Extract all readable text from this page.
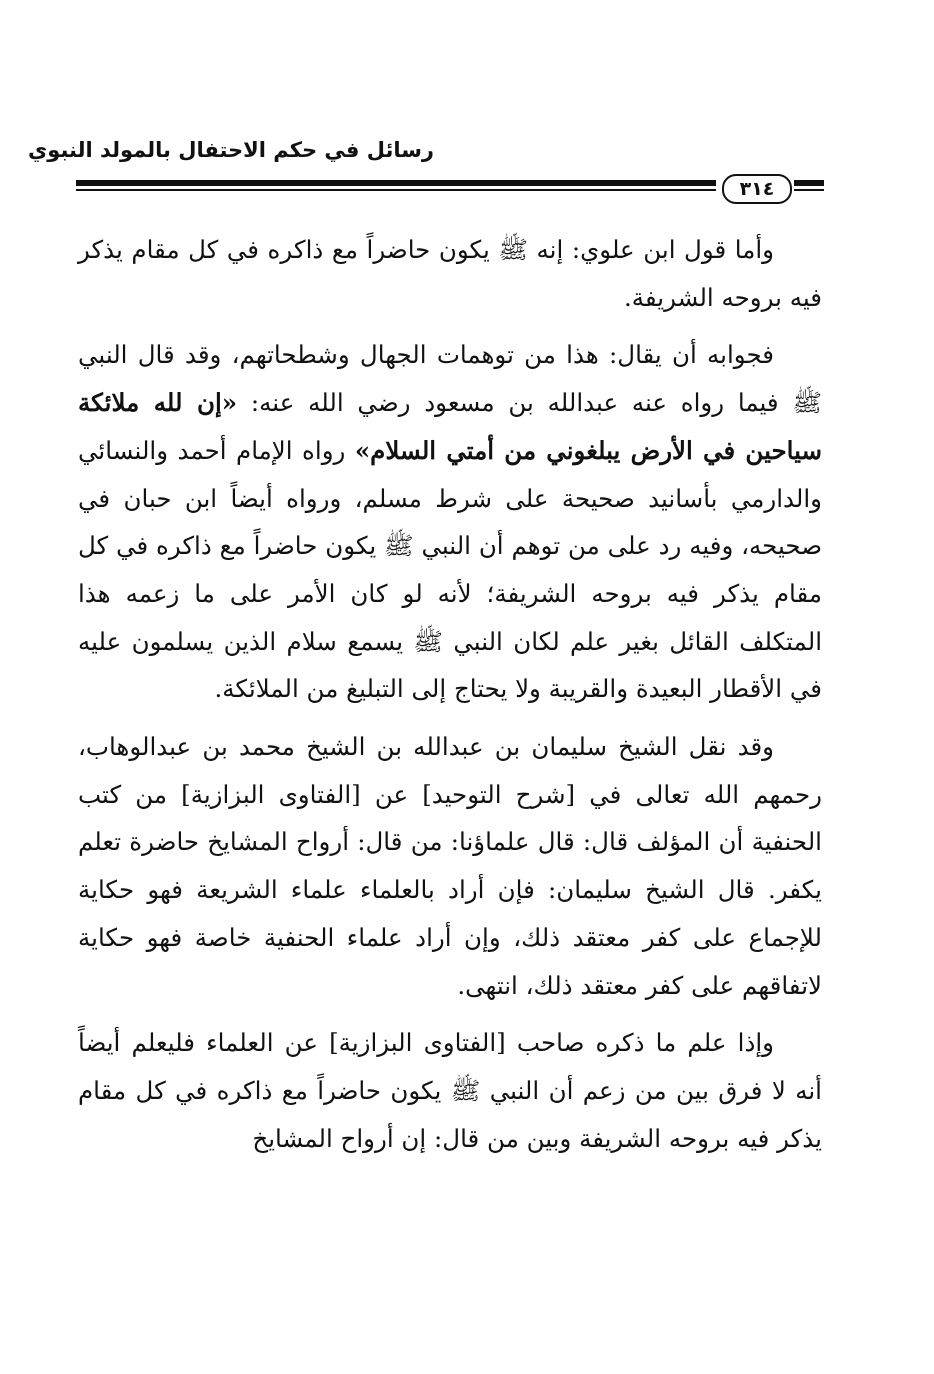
رسائل في حكم الاحتفال بالمولد النبوي
٣١٤

وأما قول ابن علوي: إنه ﷺ يكون حاضراً مع ذاكره في كل مقام يذكر فيه بروحه الشريفة.

فجوابه أن يقال: هذا من توهمات الجهال وشطحاتهم، وقد قال النبي ﷺ فيما رواه عنه عبدالله بن مسعود رضي الله عنه: «إن لله ملائكة سياحين في الأرض يبلغوني من أمتي السلام» رواه الإمام أحمد والنسائي والدارمي بأسانيد صحيحة على شرط مسلم، ورواه أيضاً ابن حبان في صحيحه، وفيه رد على من توهم أن النبي ﷺ يكون حاضراً مع ذاكره في كل مقام يذكر فيه بروحه الشريفة؛ لأنه لو كان الأمر على ما زعمه هذا المتكلف القائل بغير علم لكان النبي ﷺ يسمع سلام الذين يسلمون عليه في الأقطار البعيدة والقريبة ولا يحتاج إلى التبليغ من الملائكة.

وقد نقل الشيخ سليمان بن عبدالله بن الشيخ محمد بن عبدالوهاب، رحمهم الله تعالى في [شرح التوحيد] عن [الفتاوى البزازية] من كتب الحنفية أن المؤلف قال: قال علماؤنا: من قال: أرواح المشايخ حاضرة تعلم يكفر. قال الشيخ سليمان: فإن أراد بالعلماء علماء الشريعة فهو حكاية للإجماع على كفر معتقد ذلك، وإن أراد علماء الحنفية خاصة فهو حكاية لاتفاقهم على كفر معتقد ذلك، انتهى.

وإذا علم ما ذكره صاحب [الفتاوى البزازية] عن العلماء فليعلم أيضاً أنه لا فرق بين من زعم أن النبي ﷺ يكون حاضراً مع ذاكره في كل مقام يذكر فيه بروحه الشريفة وبين من قال: إن أرواح المشايخ
